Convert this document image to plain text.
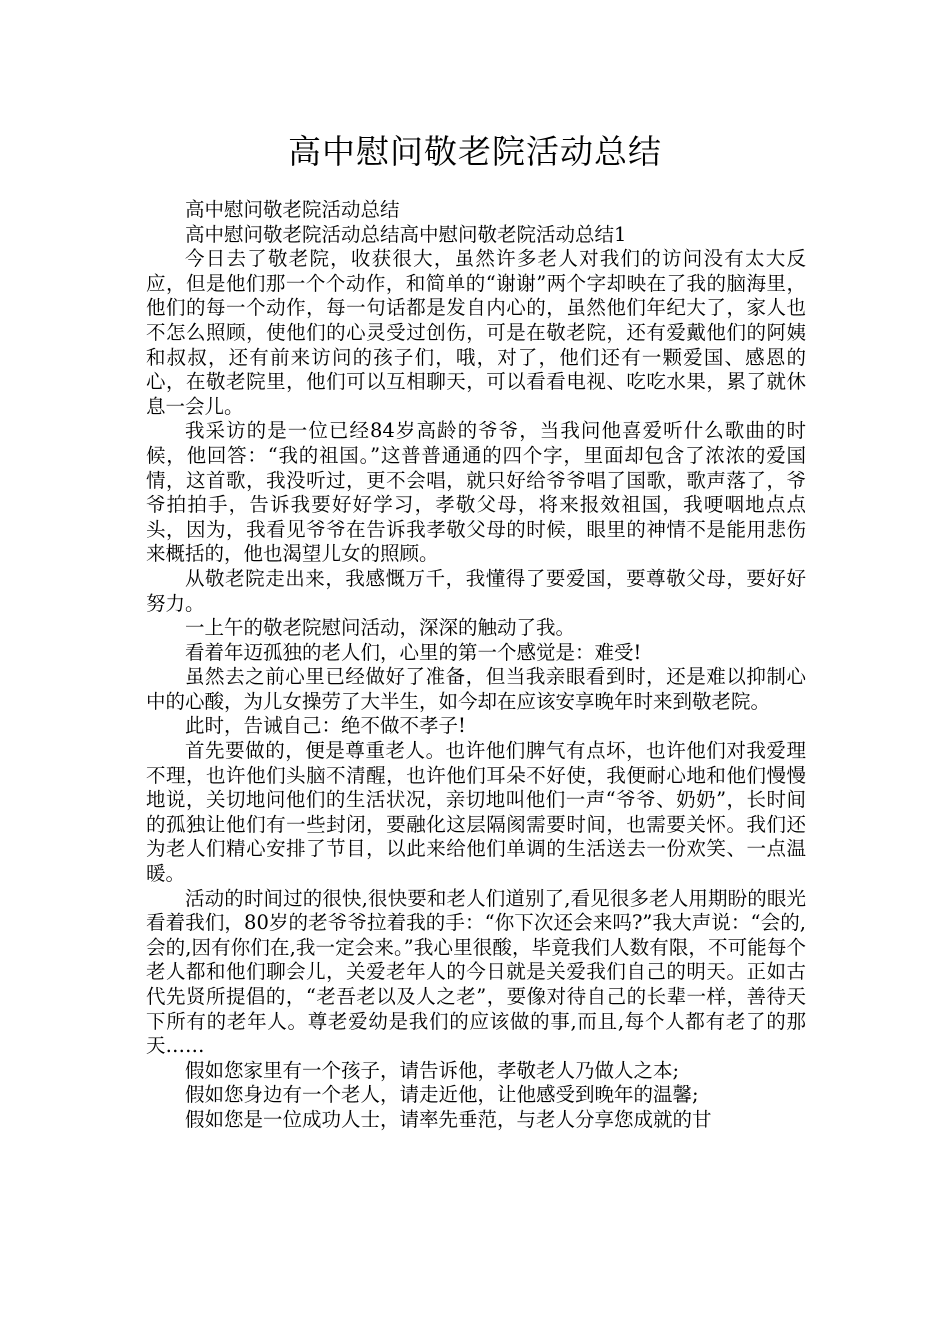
高中慰问敬老院活动总结

高中慰问敬老院活动总结

高中慰问敬老院活动总结高中慰问敬老院活动总结1

今日去了敬老院，收获很大，虽然许多老人对我们的访问没有太大反应，但是他们那一个个动作，和简单的“谢谢”两个字却映在了我的脑海里，他们的每一个动作，每一句话都是发自内心的，虽然他们年纪大了，家人也不怎么照顾，使他们的心灵受过创伤，可是在敬老院，还有爱戴他们的阿姨和叔叔，还有前来访问的孩子们，哦，对了，他们还有一颗爱国、感恩的心，在敬老院里，他们可以互相聊天，可以看看电视、吃吃水果，累了就休息一会儿。

我采访的是一位已经84岁高龄的爷爷，当我问他喜爱听什么歌曲的时候，他回答：“我的祖国。”这普普通通的四个字，里面却包含了浓浓的爱国情，这首歌，我没听过，更不会唱，就只好给爷爷唱了国歌，歌声落了，爷爷拍拍手，告诉我要好好学习，孝敬父母，将来报效祖国，我哽咽地点点头，因为，我看见爷爷在告诉我孝敬父母的时候，眼里的神情不是能用悲伤来概括的，他也渴望儿女的照顾。

从敬老院走出来，我感慨万千，我懂得了要爱国，要尊敬父母，要好好努力。

一上午的敬老院慰问活动，深深的触动了我。

看着年迈孤独的老人们，心里的第一个感觉是：难受!

虽然去之前心里已经做好了准备，但当我亲眼看到时，还是难以抑制心中的心酸，为儿女操劳了大半生，如今却在应该安享晚年时来到敬老院。

此时，告诫自己：绝不做不孝子!

首先要做的，便是尊重老人。也许他们脾气有点坏，也许他们对我爱理不理，也许他们头脑不清醒，也许他们耳朵不好使，我便耐心地和他们慢慢地说，关切地问他们的生活状况，亲切地叫他们一声“爷爷、奶奶”，长时间的孤独让他们有一些封闭，要融化这层隔阂需要时间，也需要关怀。我们还为老人们精心安排了节目，以此来给他们单调的生活送去一份欢笑、一点温暖。

活动的时间过的很快,很快要和老人们道别了,看见很多老人用期盼的眼光看着我们，80岁的老爷爷拉着我的手：“你下次还会来吗?”我大声说：“会的,会的,因有你们在,我一定会来。”我心里很酸，毕竟我们人数有限，不可能每个老人都和他们聊会儿，关爱老年人的今日就是关爱我们自己的明天。正如古代先贤所提倡的，“老吾老以及人之老”，要像对待自己的长辈一样，善待天下所有的老年人。尊老爱幼是我们的应该做的事,而且,每个人都有老了的那天……

假如您家里有一个孩子，请告诉他，孝敬老人乃做人之本;

假如您身边有一个老人，请走近他，让他感受到晚年的温馨;

假如您是一位成功人士，请率先垂范，与老人分享您成就的甘
